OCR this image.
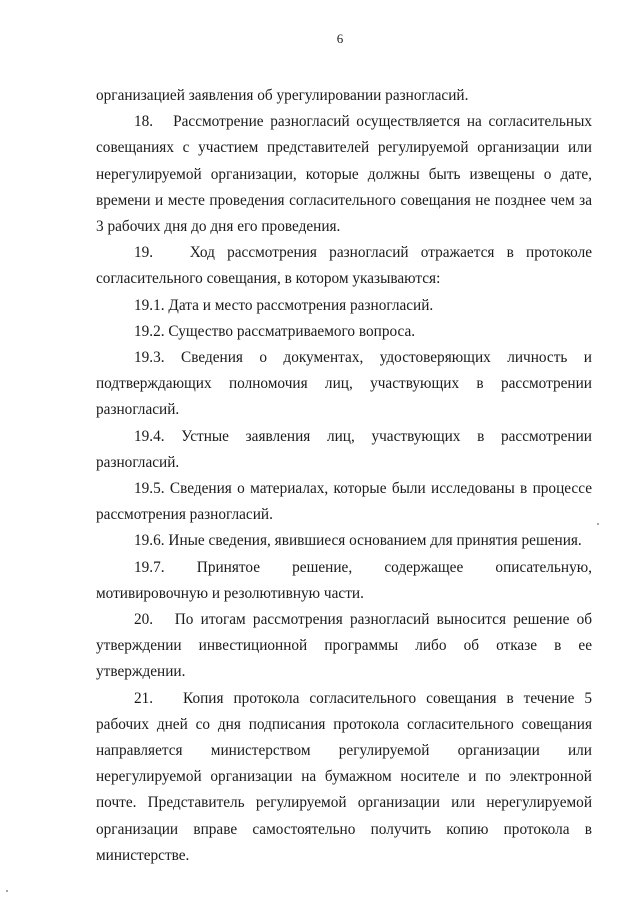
6

организацией заявления об урегулировании разногласий.

18.   Рассмотрение разногласий осуществляется на согласительных совещаниях с участием представителей регулируемой организации или нерегулируемой организации, которые должны быть извещены о дате, времени и месте проведения согласительного совещания не позднее чем за 3 рабочих дня до дня его проведения.

19.   Ход рассмотрения разногласий отражается в протоколе согласительного совещания, в котором указываются:

19.1. Дата и место рассмотрения разногласий.

19.2. Существо рассматриваемого вопроса.

19.3. Сведения о документах, удостоверяющих личность и подтверждающих полномочия лиц, участвующих в рассмотрении разногласий.

19.4. Устные заявления лиц, участвующих в рассмотрении разногласий.

19.5. Сведения о материалах, которые были исследованы в процессе рассмотрения разногласий.

19.6. Иные сведения, явившиеся основанием для принятия решения.

19.7. Принятое решение, содержащее описательную, мотивировочную и резолютивную части.

20.   По итогам рассмотрения разногласий выносится решение об утверждении инвестиционной программы либо об отказе в ее утверждении.

21.   Копия протокола согласительного совещания в течение 5 рабочих дней со дня подписания протокола согласительного совещания направляется министерством регулируемой организации или нерегулируемой организации на бумажном носителе и по электронной почте. Представитель регулируемой организации или нерегулируемой организации вправе самостоятельно получить копию протокола в министерстве.
